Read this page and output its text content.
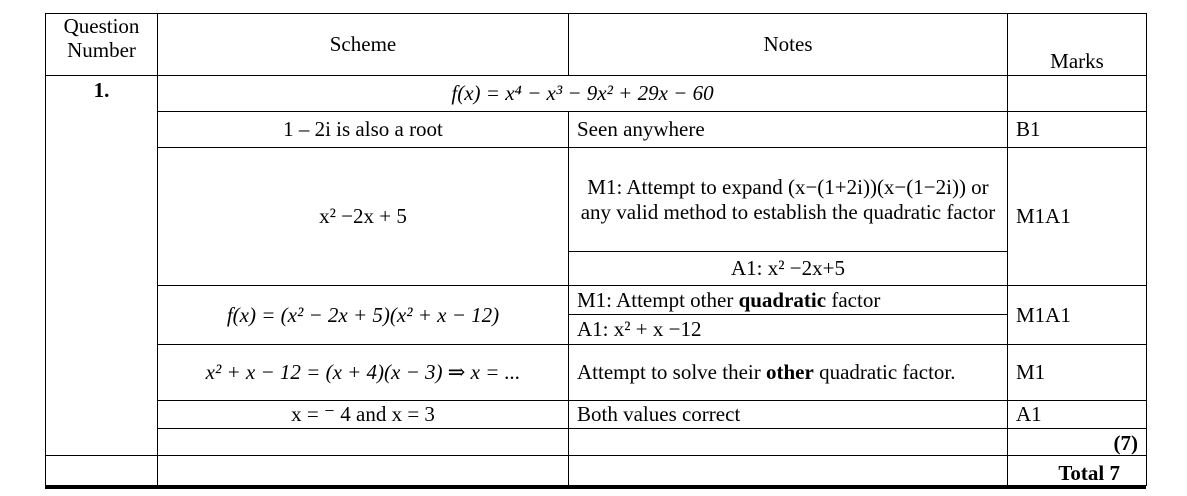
Question Number	Scheme	Notes	Marks
1.	f(x) = x⁴ − x³ − 9x² + 29x − 60		
	1 – 2i is also a root	Seen anywhere	B1
	x² −2x + 5	M1: Attempt to expand (x−(1+2i))(x−(1−2i)) or any valid method to establish the quadratic factor	M1A1
		A1: x² −2x+5	
	f(x) = (x² − 2x + 5)(x² + x − 12)	M1: Attempt other quadratic factor	M1A1
		A1: x² + x −12	
	x² + x − 12 = (x + 4)(x − 3) ⇒ x = ...	Attempt to solve their other quadratic factor.	M1
	x = ⁻ 4 and x = 3	Both values correct	A1
			(7)
			Total 7
